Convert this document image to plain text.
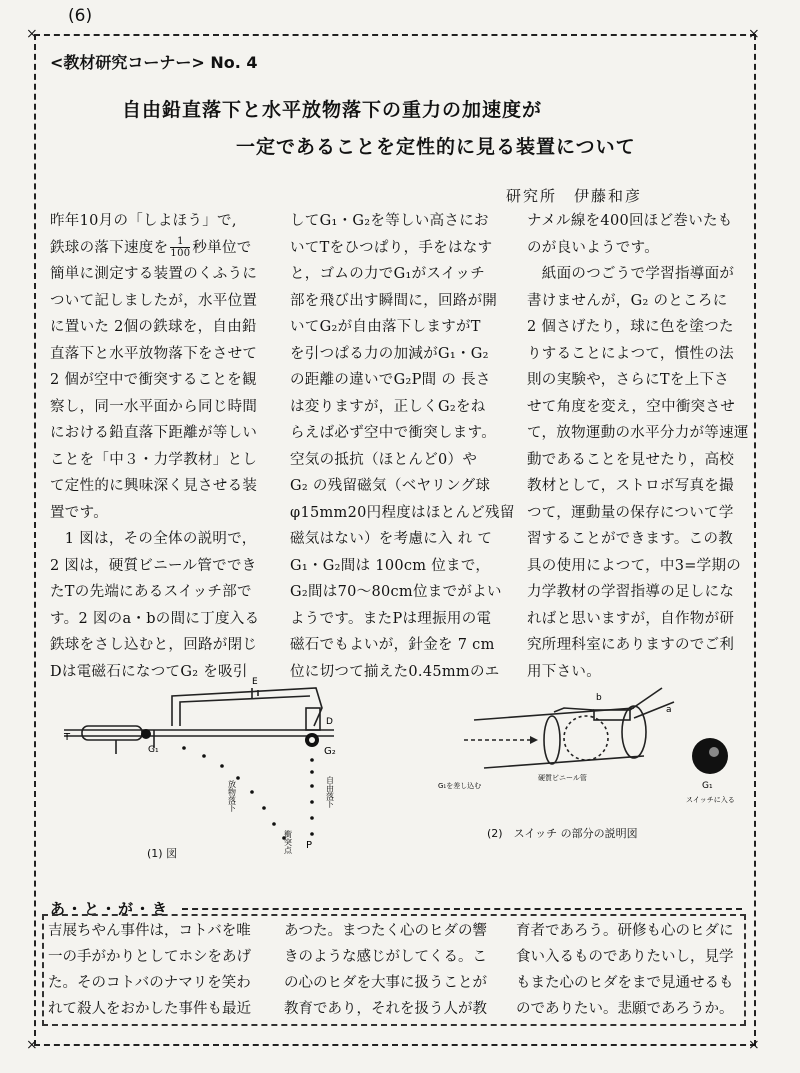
(6)
×	×
×	×
<教材研究コーナー> No. 4
自由鉛直落下と水平放物落下の重力の加速度が
一定であることを定性的に見る装置について
研究所　伊藤和彦
昨年10月の「しよほう」で,
鉄球の落下速度を $\frac{1}{100}$ 秒単位で
簡単に測定する装置のくふうに
ついて記しましたが，水平位置
に置いた 2個の鉄球を，自由鉛
直落下と水平放物落下をさせて
2 個が空中で衝突することを観
察し，同一水平面から同じ時間
における鉛直落下距離が等しい
ことを「中３・力学教材」とし
て定性的に興味深く見させる装
置です。
　1 図は，その全体の説明で，
2 図は，硬質ビニール管ででき
たTの先端にあるスイッチ部で
す。2 図のa・bの間に丁度入る
鉄球をさし込むと，回路が閉じ
Dは電磁石になつてG₂ を吸引
してG₁・G₂を等しい高さにお
いてTをひつぱり，手をはなす
と，ゴムの力でG₁がスイッチ
部を飛び出す瞬間に，回路が開
いてG₂が自由落下しますがT
を引つぱる力の加減がG₁・G₂
の距離の違いでG₂P間 の 長さ
は変りますが，正しくG₂をね
らえば必ず空中で衝突します。
空気の抵抗（ほとんど0）や
G₂ の残留磁気（ベヤリング球
φ15mm20円程度はほとんど残留
磁気はない）を考慮に入 れ て
G₁・G₂間は 100cm 位まで，
G₂間は70～80cm位までがよい
ようです。またPは理振用の電
磁石でもよいが，針金を 7 cm
位に切つて揃えた0.45mmのエ
ナメル線を400回ほど巻いたも
のが良いようです。
　紙面のつごうで学習指導面が
書けませんが，G₂ のところに
2 個さげたり，球に色を塗つた
りすることによつて，慣性の法
則の実験や，さらにTを上下さ
せて角度を変え，空中衝突させ
て，放物運動の水平分力が等速運
動であることを見せたり，高校
教材として，ストロボ写真を撮
つて，運動量の保存について学
習することができます。この教
具の使用によつて，中3=学期の
力学教材の学習指導の足しにな
ればと思いますが，自作物が研
究所理科室にありますのでご利
用下さい。
T
G₁	G₂
D
E
P
放物落下	自由落下
衝突点
(1) 図
b
a
G₁
スイッチに入る
硬質ビニール管
G₁を差し込む
(2)　スイッチ の部分の説明図
あ・と・が・き
吉展ちやん事件は，コトバを唯
一の手がかりとしてホシをあげ
た。そのコトバのナマリを笑わ
れて殺人をおかした事件も最近
あつた。まつたく心のヒダの響
きのような感じがしてくる。こ
の心のヒダを大事に扱うことが
教育であり，それを扱う人が教
育者であろう。研修も心のヒダに
食い入るものでありたいし，見学
もまた心のヒダをまで見通せるも
のでありたい。悲願であろうか。
